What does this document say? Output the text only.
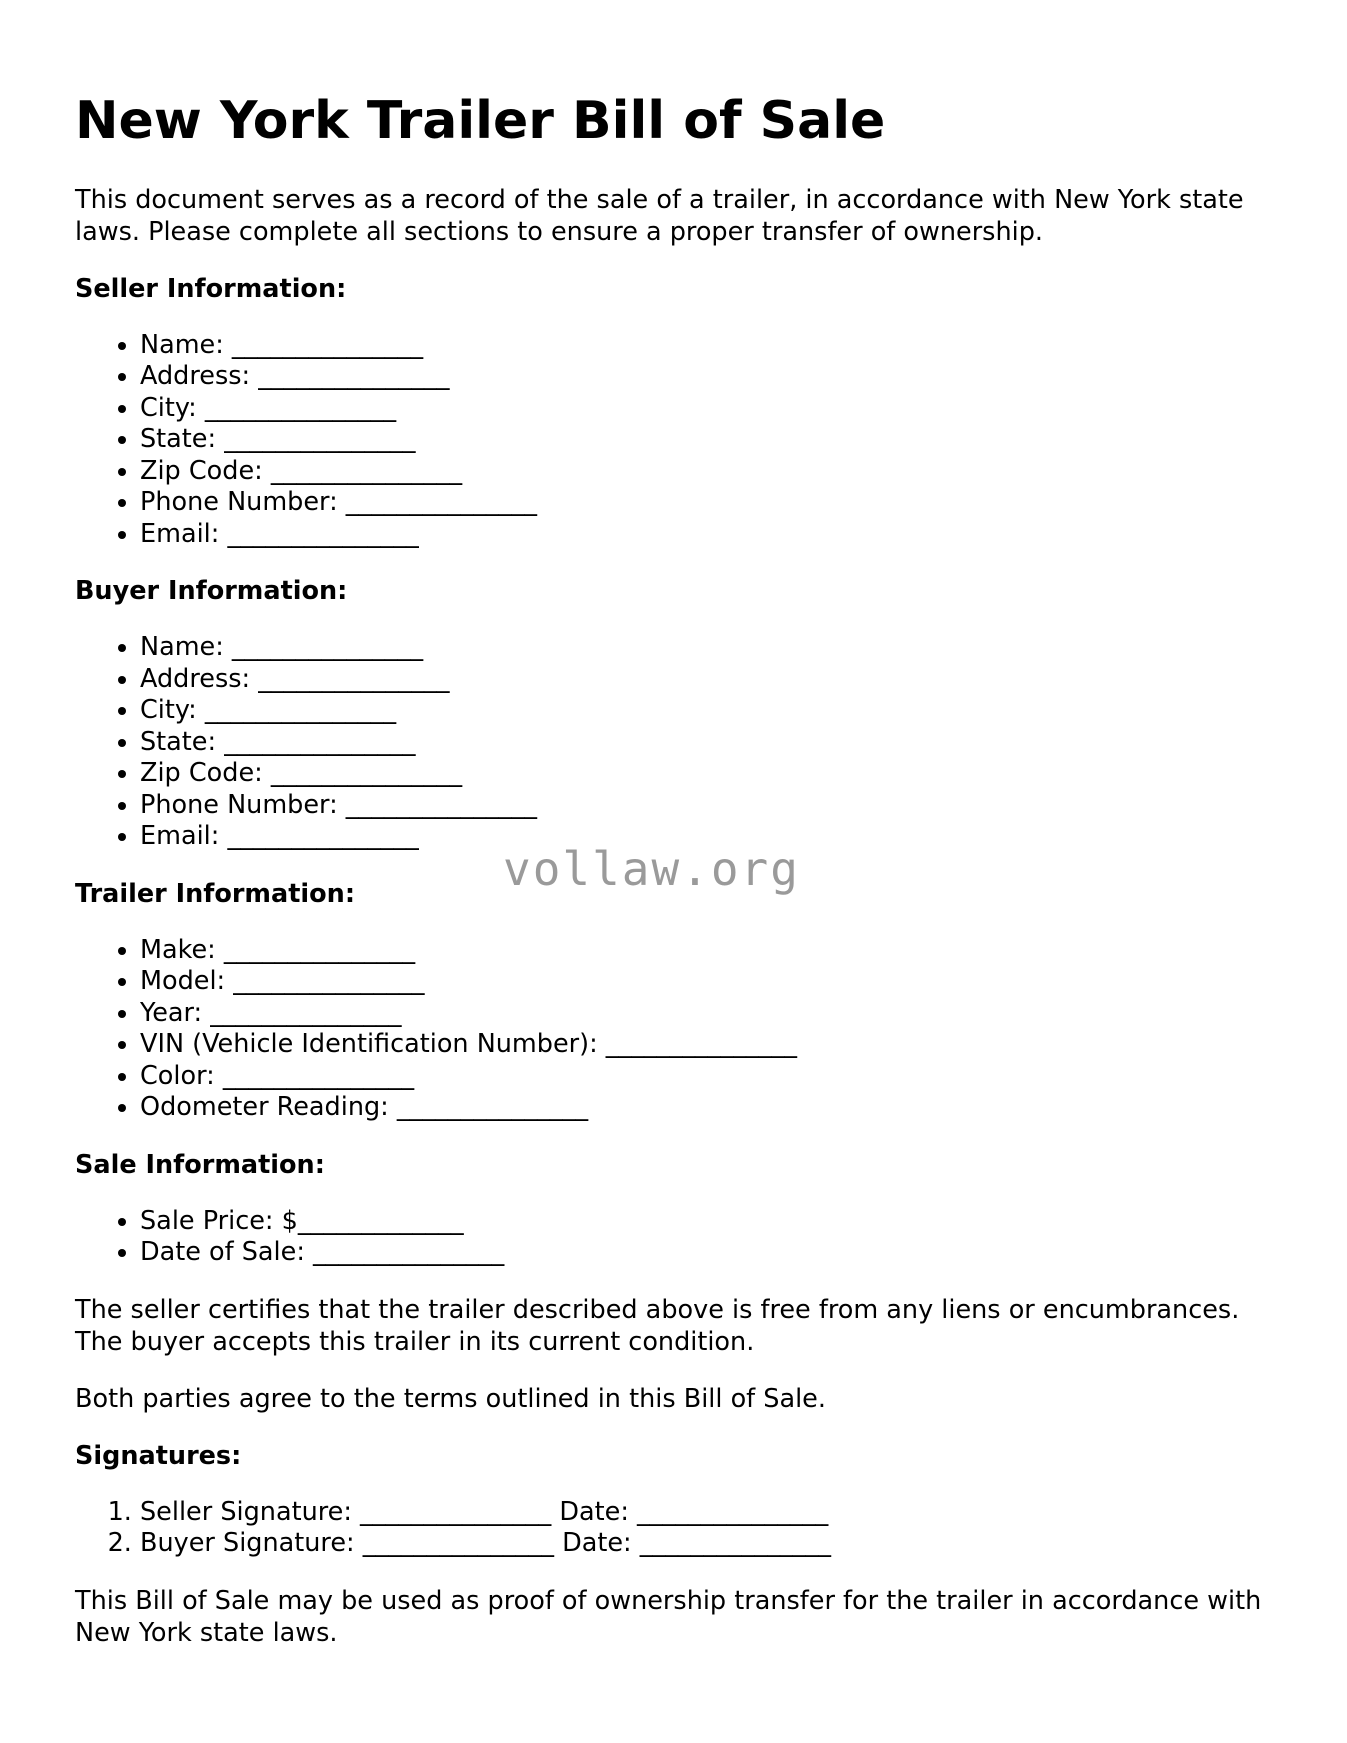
New York Trailer Bill of Sale

This document serves as a record of the sale of a trailer, in accordance with New York state laws. Please complete all sections to ensure a proper transfer of ownership.

Seller Information:
• Name: _______________
• Address: _______________
• City: _______________
• State: _______________
• Zip Code: _______________
• Phone Number: _______________
• Email: _______________
Buyer Information:
• Name: _______________
• Address: _______________
• City: _______________
• State: _______________
• Zip Code: _______________
• Phone Number: _______________
• Email: _______________
Trailer Information:
• Make: _______________
• Model: _______________
• Year: _______________
• VIN (Vehicle Identification Number): _______________
• Color: _______________
• Odometer Reading: _______________
Sale Information:
• Sale Price: $_____________
• Date of Sale: _______________

The seller certifies that the trailer described above is free from any liens or encumbrances. The buyer accepts this trailer in its current condition.

Both parties agree to the terms outlined in this Bill of Sale.

Signatures:
1. Seller Signature: _______________ Date: _______________
2. Buyer Signature: _______________ Date: _______________

This Bill of Sale may be used as proof of ownership transfer for the trailer in accordance with New York state laws.

vollaw.org
